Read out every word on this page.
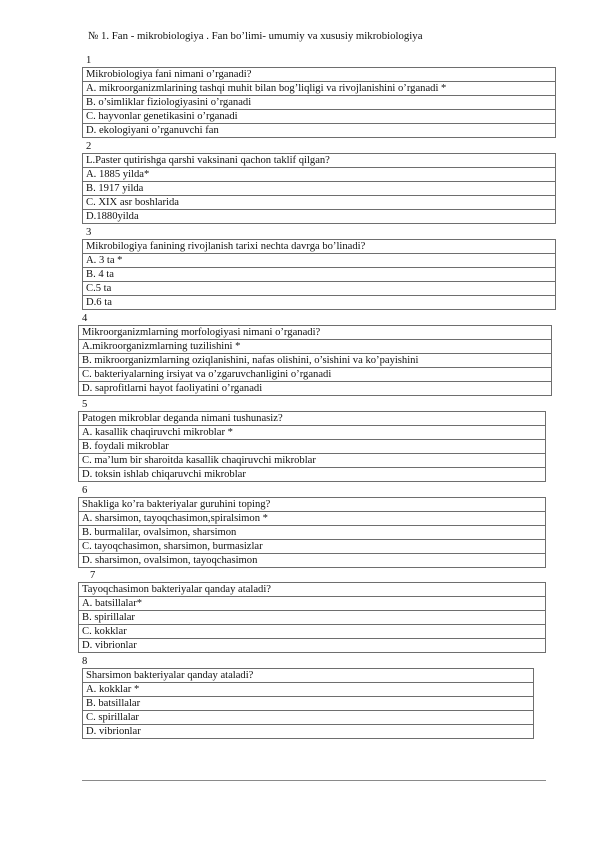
№ 1. Fan - mikrobiologiya . Fan bo’limi- umumiy va xususiy mikrobiologiya
1
Mikrobiologiya fani nimani o’rganadi?
A. mikroorganizmlarining tashqi muhit bilan bog’liqligi va rivojlanishini o’rganadi *
B. o’simliklar fiziologiyasini o’rganadi
C. hayvonlar genetikasini o’rganadi
D. ekologiyani o’rganuvchi fan
2
L.Paster qutirishga qarshi vaksinani qachon taklif qilgan?
A. 1885 yilda*
B. 1917 yilda
C. XIX asr boshlarida
D.1880yilda
3
Mikrobilogiya fanining rivojlanish tarixi nechta davrga bo’linadi?
A. 3 ta *
B. 4 ta
C.5 ta
D.6 ta
4
Mikroorganizmlarning morfologiyasi nimani o’rganadi?
A.mikroorganizmlarning tuzilishini *
B. mikroorganizmlarning oziqlanishini, nafas olishini, o’sishini va ko’payishini
C. bakteriyalarning irsiyat va o’zgaruvchanligini o’rganadi
D. saprofitlarni hayot faoliyatini o’rganadi
5
Patogen mikroblar deganda nimani tushunasiz?
A. kasallik chaqiruvchi mikroblar *
B. foydali mikroblar
C. ma’lum bir sharoitda kasallik chaqiruvchi mikroblar
D. toksin ishlab chiqaruvchi mikroblar
6
Shakliga ko’ra bakteriyalar guruhini toping?
A. sharsimon, tayoqchasimon,spiralsimon *
B. burmalilar, ovalsimon, sharsimon
C. tayoqchasimon, sharsimon, burmasizlar
D. sharsimon, ovalsimon, tayoqchasimon
7
Tayoqchasimon bakteriyalar qanday ataladi?
A. batsillalar*
B. spirillalar
C. kokklar
D. vibrionlar
8
Sharsimon bakteriyalar qanday ataladi?
A. kokklar *
B. batsillalar
C. spirillalar
D. vibrionlar
